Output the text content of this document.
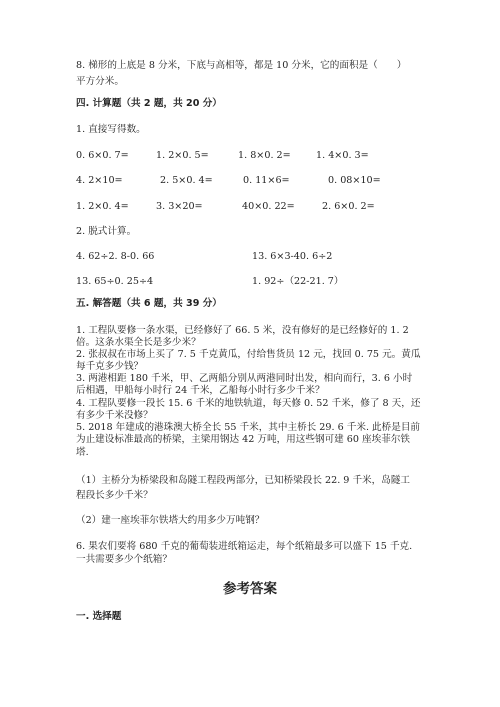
8. 梯形的上底是 8 分米，下底与高相等，都是 10 分米，它的面积是（　　）
平方分米。
四. 计算题（共 2 题，共 20 分）
1. 直接写得数。
0. 6×0. 7=	1. 2×0. 5=	1. 8×0. 2=	1. 4×0. 3=
4. 2×10=	2. 5×0. 4=	0. 11×6=	0. 08×10=
1. 2×0. 4=	3. 3×20=	40×0. 22=	2. 6×0. 2=
2. 脱式计算。
4. 62÷2. 8-0. 66	13. 6×3-40. 6÷2
13. 65÷0. 25÷4	1. 92÷（22-21. 7）
五. 解答题（共 6 题，共 39 分）
1. 工程队要修一条水渠，已经修好了 66. 5 米，没有修好的是已经修好的 1. 2
倍。这条水渠全长是多少米？
2. 张叔叔在市场上买了 7. 5 千克黄瓜，付给售货员 12 元，找回 0. 75 元。黄瓜
每千克多少钱？
3. 两港相距 180 千米，甲、乙两船分别从两港同时出发，相向而行，3. 6 小时
后相遇，甲船每小时行 24 千米，乙船每小时行多少千米？
4. 工程队要修一段长 15. 6 千米的地铁轨道，每天修 0. 52 千米，修了 8 天，还
有多少千米没修？
5. 2018 年建成的港珠澳大桥全长 55 千米，其中主桥长 29. 6 千米. 此桥是目前
为止建设标准最高的桥梁，主梁用钢达 42 万吨，用这些钢可建 60 座埃菲尔铁
塔.
（1）主桥分为桥梁段和岛隧工程段两部分，已知桥梁段长 22. 9 千米，岛隧工
程段长多少千米？
（2）建一座埃菲尔铁塔大约用多少万吨钢？
6. 果农们要将 680 千克的葡萄装进纸箱运走，每个纸箱最多可以盛下 15 千克.
一共需要多少个纸箱？
参考答案
一. 选择题
